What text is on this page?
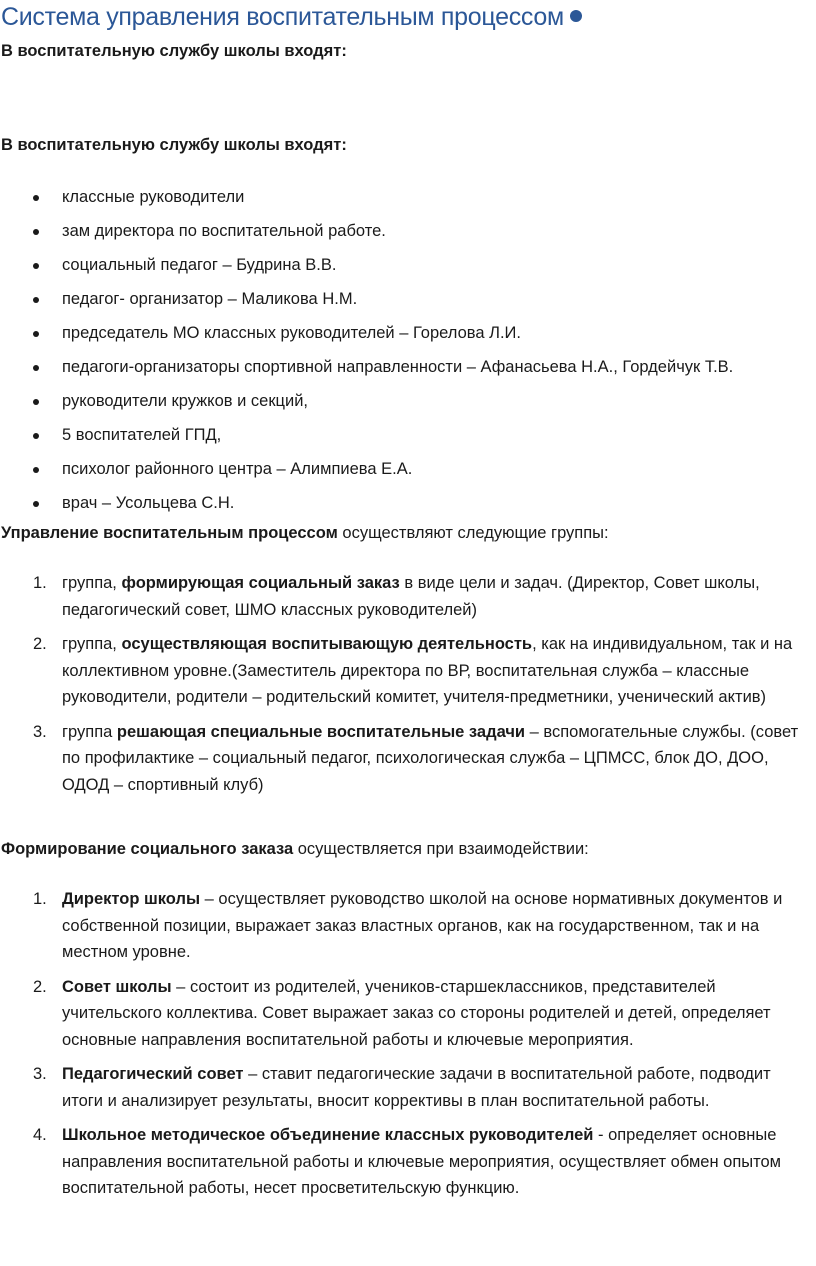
Система управления воспитательным процессом
В воспитательную службу школы входят:
В воспитательную службу школы входят:
классные руководители
зам директора по воспитательной работе.
социальный педагог – Будрина В.В.
педагог- организатор – Маликова Н.М.
председатель МО классных руководителей – Горелова Л.И.
педагоги-организаторы спортивной направленности – Афанасьева Н.А., Гордейчук Т.В.
руководители кружков и секций,
5 воспитателей ГПД,
психолог районного центра – Алимпиева Е.А.
врач – Усольцева С.Н.
Управление воспитательным процессом осуществляют следующие группы:
1. группа, формирующая социальный заказ в виде цели и задач. (Директор, Совет школы, педагогический совет, ШМО классных руководителей)
2. группа, осуществляющая воспитывающую деятельность, как на индивидуальном, так и на коллективном уровне.(Заместитель директора по ВР, воспитательная служба – классные руководители, родители – родительский комитет, учителя-предметники, ученический актив)
3. группа решающая специальные воспитательные задачи – вспомогательные службы. (совет по профилактике – социальный педагог, психологическая служба – ЦПМСС, блок ДО, ДОО, ОДОД – спортивный клуб)
Формирование социального заказа осуществляется при взаимодействии:
1. Директор школы – осуществляет руководство школой на основе нормативных документов и собственной позиции, выражает заказ властных органов, как на государственном, так и на местном уровне.
2. Совет школы – состоит из родителей, учеников-старшеклассников, представителей учительского коллектива. Совет выражает заказ со стороны родителей и детей, определяет основные направления воспитательной работы и ключевые мероприятия.
3. Педагогический совет – ставит педагогические задачи в воспитательной работе, подводит итоги и анализирует результаты, вносит коррективы в план воспитательной работы.
4. Школьное методическое объединение классных руководителей - определяет основные направления воспитательной работы и ключевые мероприятия, осуществляет обмен опытом воспитательной работы, несет просветительскую функцию.
